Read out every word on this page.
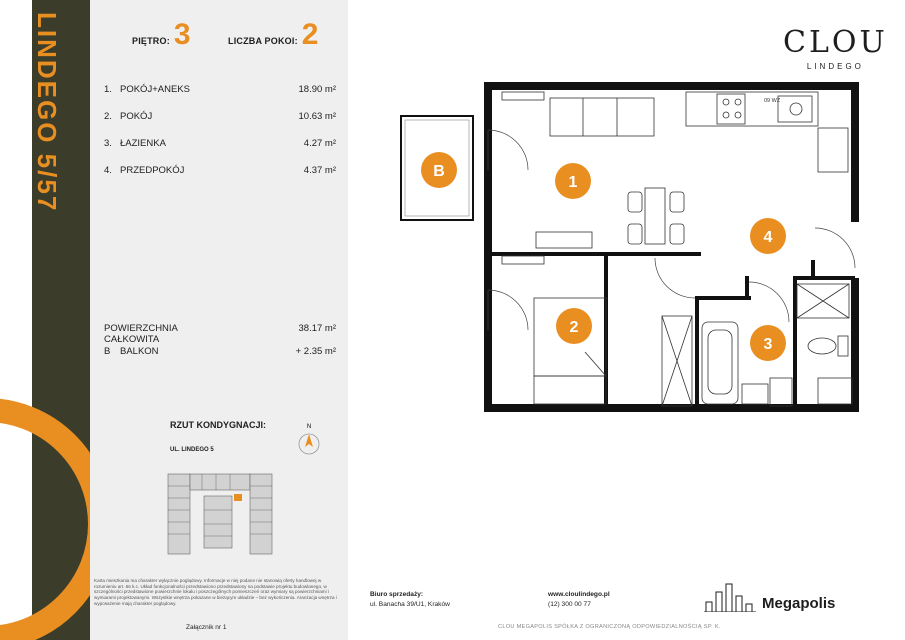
LINDEGO 5/57	PIĘTRO: 3	LICZBA POKOI: 2
1. POKÓJ+ANEKS	18.90 m²
2. POKÓJ	10.63 m²
3. ŁAZIENKA	4.27 m²
4. PRZEDPOKÓJ	4.37 m²
POWIERZCHNIA CAŁKOWITA
38.17 m²
B	BALKON	+ 2.35 m²
RZUT KONDYGNACJI:
UL. LINDEGO 5
N
Karta mieszkania ma charakter wyłącznie poglądowy. Informacje w niej podane nie stanowią oferty handlowej w rozumieniu art. 66 k.c. Układ funkcjonalności przedstawiono przedstawiony na podstawie projektu budowlanego, w szczególności przedstawione powierzchnie lokalu i poszczególnych pomieszczeń oraz wymiary są powierzchniami i wymiarami projektowanymi. Wszystkie wnętrza pokazane w bieżącym układzie – bez wykończenia. Aranżacja wnętrza i wyposażenie mają charakter poglądowy.
Załącznik nr 1
CLOU
LINDEGO
09 WZ
B
1
2
3
4
Biuro sprzedaży:
ul. Banacha 39/U1, Kraków
www.cloulindego.pl
(12) 300 00 77	Megapolis
CLOU MEGAPOLIS SPÓŁKA Z OGRANICZONĄ ODPOWIEDZIALNOŚCIĄ SP. K.
